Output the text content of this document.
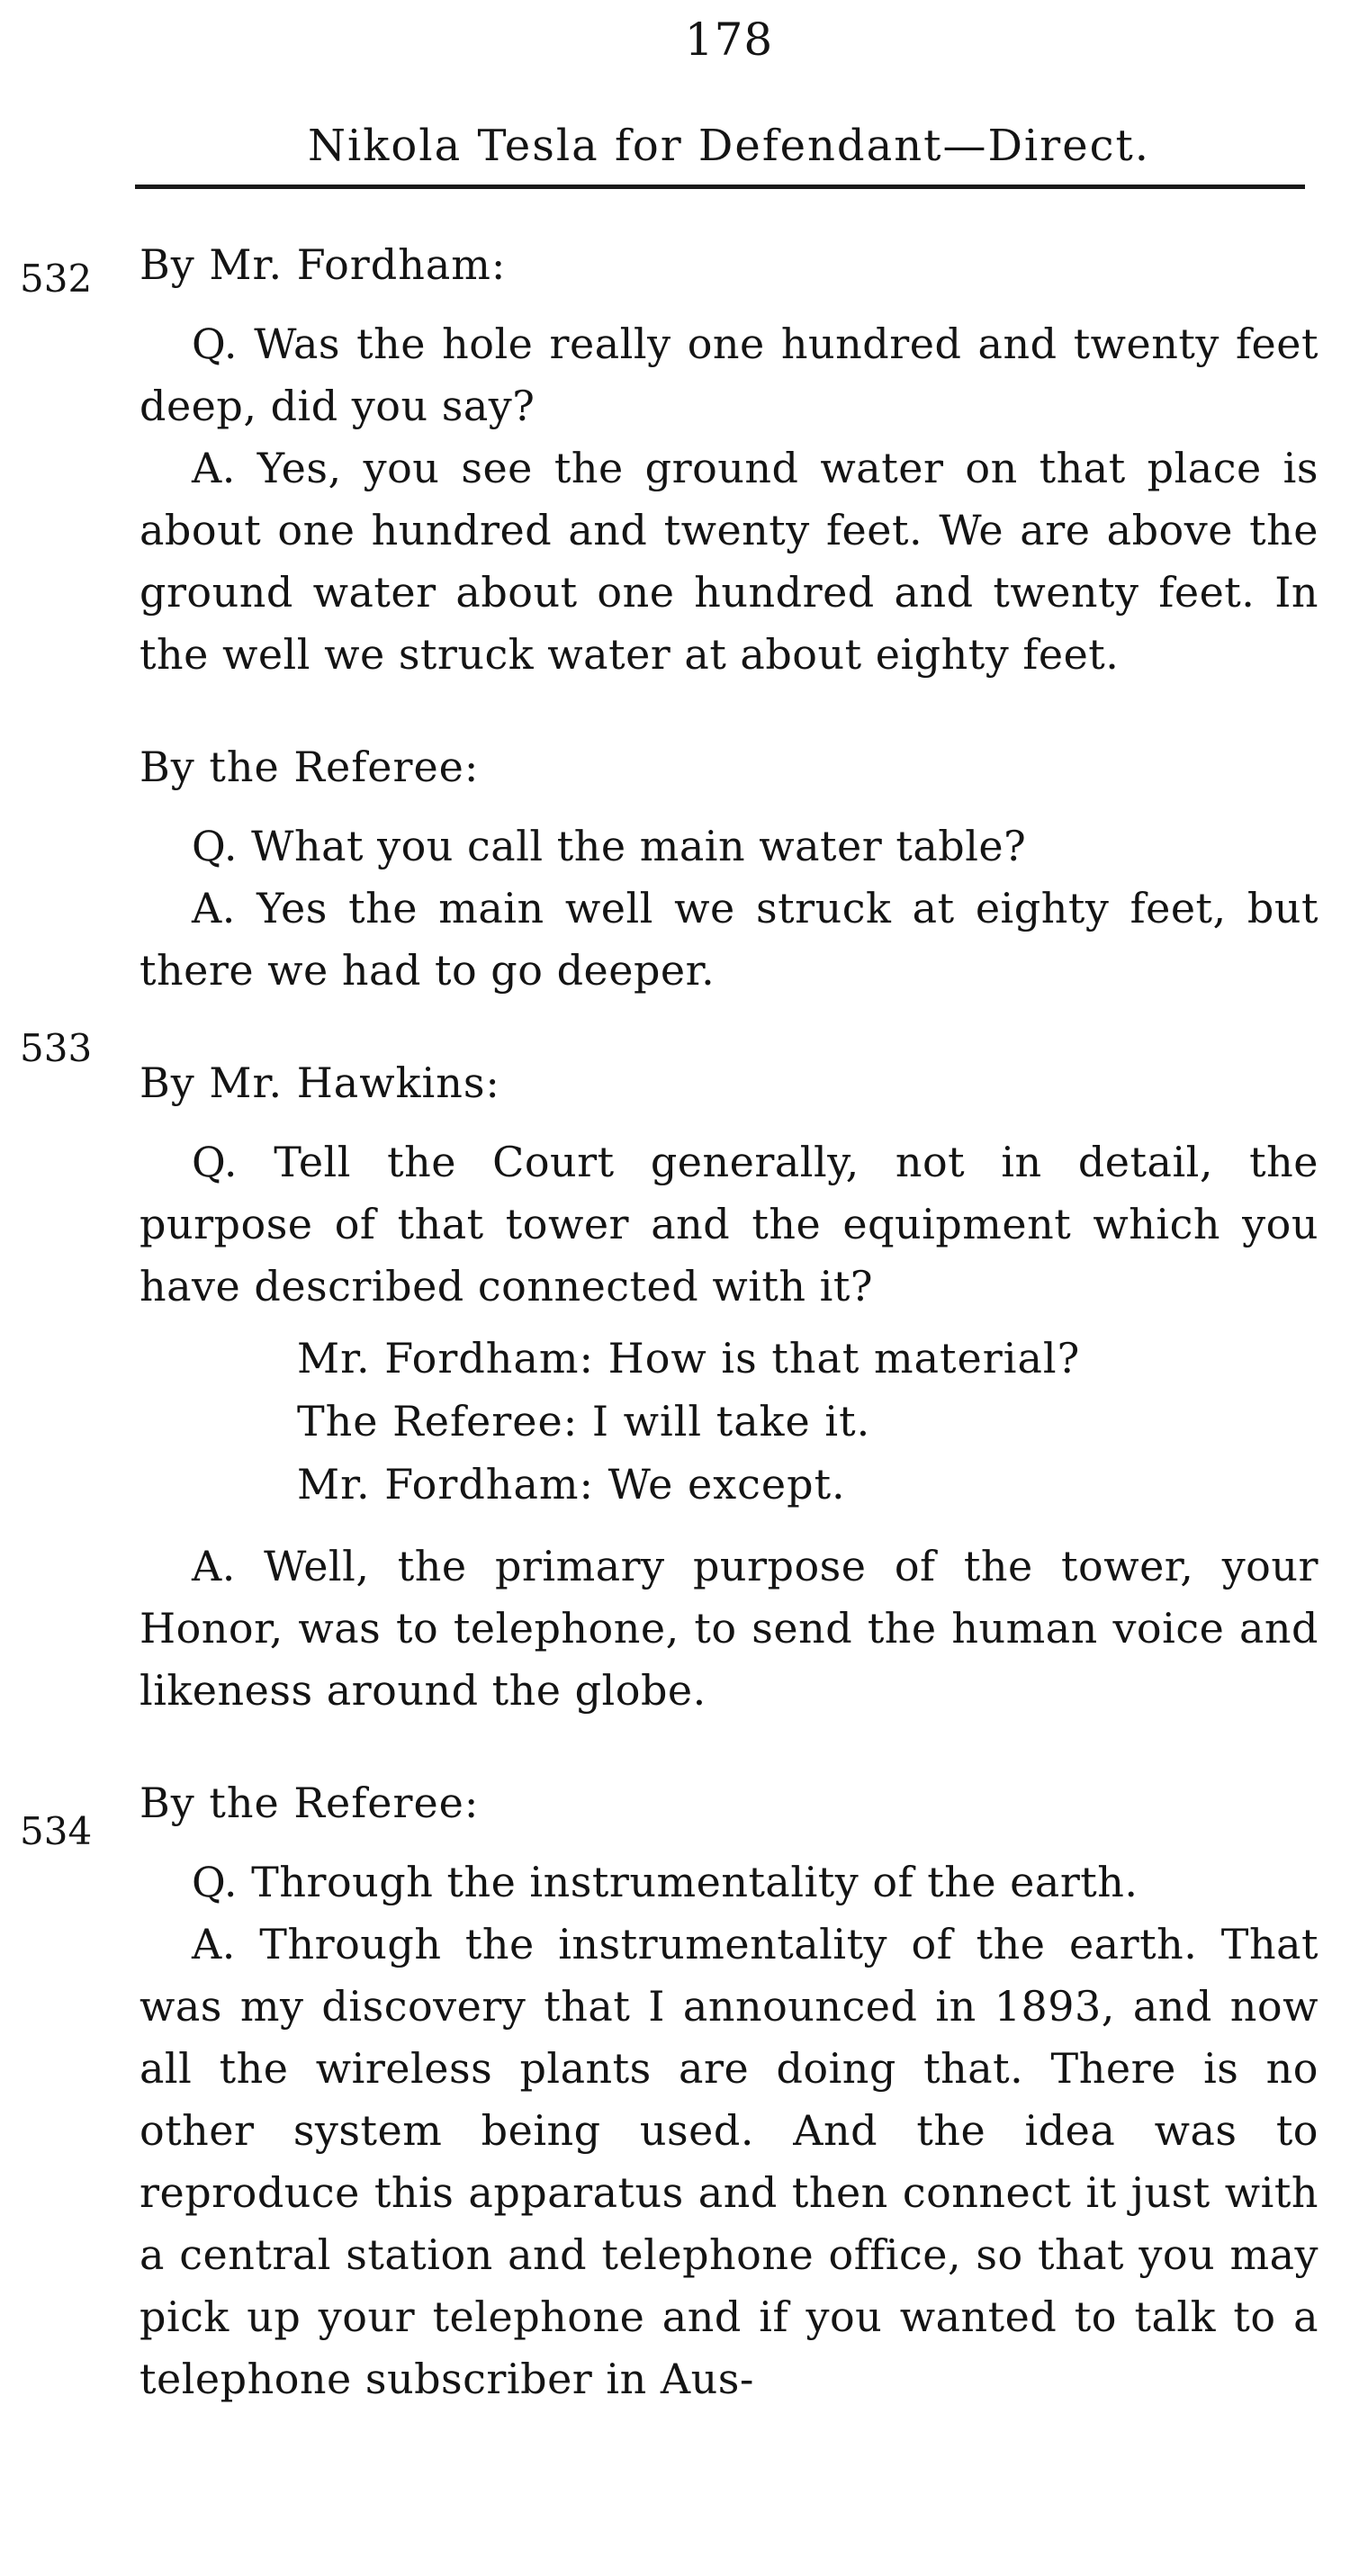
178
Nikola Tesla for Defendant—Direct.
532
533
534
By Mr. Fordham:

Q. Was the hole really one hundred and twenty feet deep, did you say?

A. Yes, you see the ground water on that place is about one hundred and twenty feet. We are above the ground water about one hundred and twenty feet. In the well we struck water at about eighty feet.

By the Referee:

Q. What you call the main water table?

A. Yes the main well we struck at eighty feet, but there we had to go deeper.

By Mr. Hawkins:

Q. Tell the Court generally, not in detail, the purpose of that tower and the equipment which you have described connected with it?

Mr. Fordham: How is that material?
The Referee: I will take it.
Mr. Fordham: We except.

A. Well, the primary purpose of the tower, your Honor, was to telephone, to send the human voice and likeness around the globe.

By the Referee:

Q. Through the instrumentality of the earth.

A. Through the instrumentality of the earth. That was my discovery that I announced in 1893, and now all the wireless plants are doing that. There is no other system being used. And the idea was to reproduce this apparatus and then connect it just with a central station and telephone office, so that you may pick up your telephone and if you wanted to talk to a telephone subscriber in Aus-
